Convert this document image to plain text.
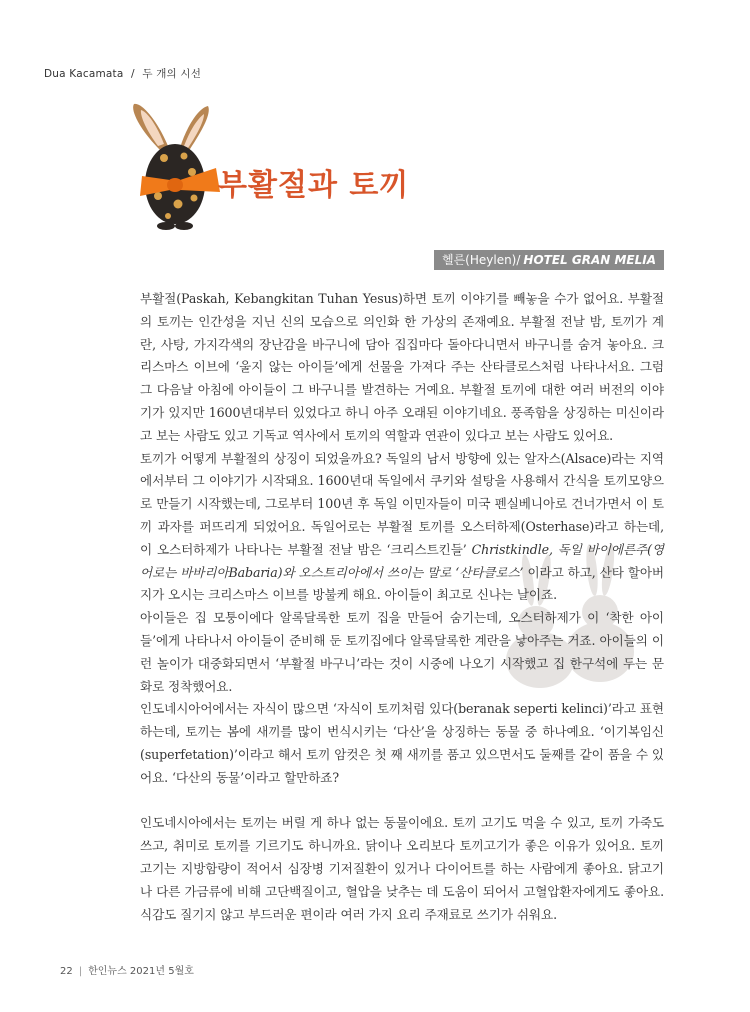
Dua Kacamata / 두 개의 시선
부활절과 토끼
헬른(Heylen)/ HOTEL GRAN MELIA

부활절(Paskah, Kebangkitan Tuhan Yesus)하면 토끼 이야기를 빼놓을 수가 없어요. 부활절의 토끼는 인간성을 지닌 신의 모습으로 의인화 한 가상의 존재예요. 부활절 전날 밤, 토끼가 계란, 사탕, 가지각색의 장난감을 바구니에 담아 집집마다 돌아다니면서 바구니를 숨겨 놓아요. 크리스마스 이브에 ‘울지 않는 아이들’에게 선물을 가져다 주는 산타클로스처럼 나타나서요. 그럼 그 다음날 아침에 아이들이 그 바구니를 발견하는 거예요. 부활절 토끼에 대한 여러 버전의 이야기가 있지만 1600년대부터 있었다고 하니 아주 오래된 이야기네요. 풍족함을 상징하는 미신이라고 보는 사람도 있고 기독교 역사에서 토끼의 역할과 연관이 있다고 보는 사람도 있어요.

토끼가 어떻게 부활절의 상징이 되었을까요? 독일의 남서 방향에 있는 알자스(Alsace)라는 지역에서부터 그 이야기가 시작돼요. 1600년대 독일에서 쿠키와 설탕을 사용해서 간식을 토끼모양으로 만들기 시작했는데, 그로부터 100년 후 독일 이민자들이 미국 펜실베니아로 건너가면서 이 토끼 과자를 퍼뜨리게 되었어요. 독일어로는 부활절 토끼를 오스터하제(Osterhase)라고 하는데, 이 오스터하제가 나타나는 부활절 전날 밤은 ‘크리스트킨들’ Christkindle, 독일 바이에른주(영어로는 바바리아Babaria)와 오스트리아에서 쓰이는 말로 ‘산타클로스’ 이라고 하고, 산타 할아버지가 오시는 크리스마스 이브를 방불케 해요. 아이들이 최고로 신나는 날이죠.

아이들은 집 모퉁이에다 알록달록한 토끼 집을 만들어 숨기는데, 오스터하제가 이 ‘착한 아이들’에게 나타나서 아이들이 준비해 둔 토끼집에다 알록달록한 계란을 낳아주는 거죠. 아이들의 이런 놀이가 대중화되면서 ‘부활절 바구니’라는 것이 시중에 나오기 시작했고 집 한구석에 두는 문화로 정착했어요.

인도네시아어에서는 자식이 많으면 ‘자식이 토끼처럼 있다(beranak seperti kelinci)’라고 표현하는데, 토끼는 봄에 새끼를 많이 번식시키는 ‘다산’을 상징하는 동물 중 하나예요. ‘이기복임신(superfetation)’이라고 해서 토끼 암컷은 첫 째 새끼를 품고 있으면서도 둘째를 같이 품을 수 있어요. ‘다산의 동물’이라고 할만하죠?

인도네시아에서는 토끼는 버릴 게 하나 없는 동물이에요. 토끼 고기도 먹을 수 있고, 토끼 가죽도 쓰고, 취미로 토끼를 기르기도 하니까요. 닭이나 오리보다 토끼고기가 좋은 이유가 있어요. 토끼고기는 지방함량이 적어서 심장병 기저질환이 있거나 다이어트를 하는 사람에게 좋아요. 닭고기나 다른 가금류에 비해 고단백질이고, 혈압을 낮추는 데 도움이 되어서 고혈압환자에게도 좋아요. 식감도 질기지 않고 부드러운 편이라 여러 가지 요리 주재료로 쓰기가 쉬워요.

22 | 한인뉴스 2021년 5월호
